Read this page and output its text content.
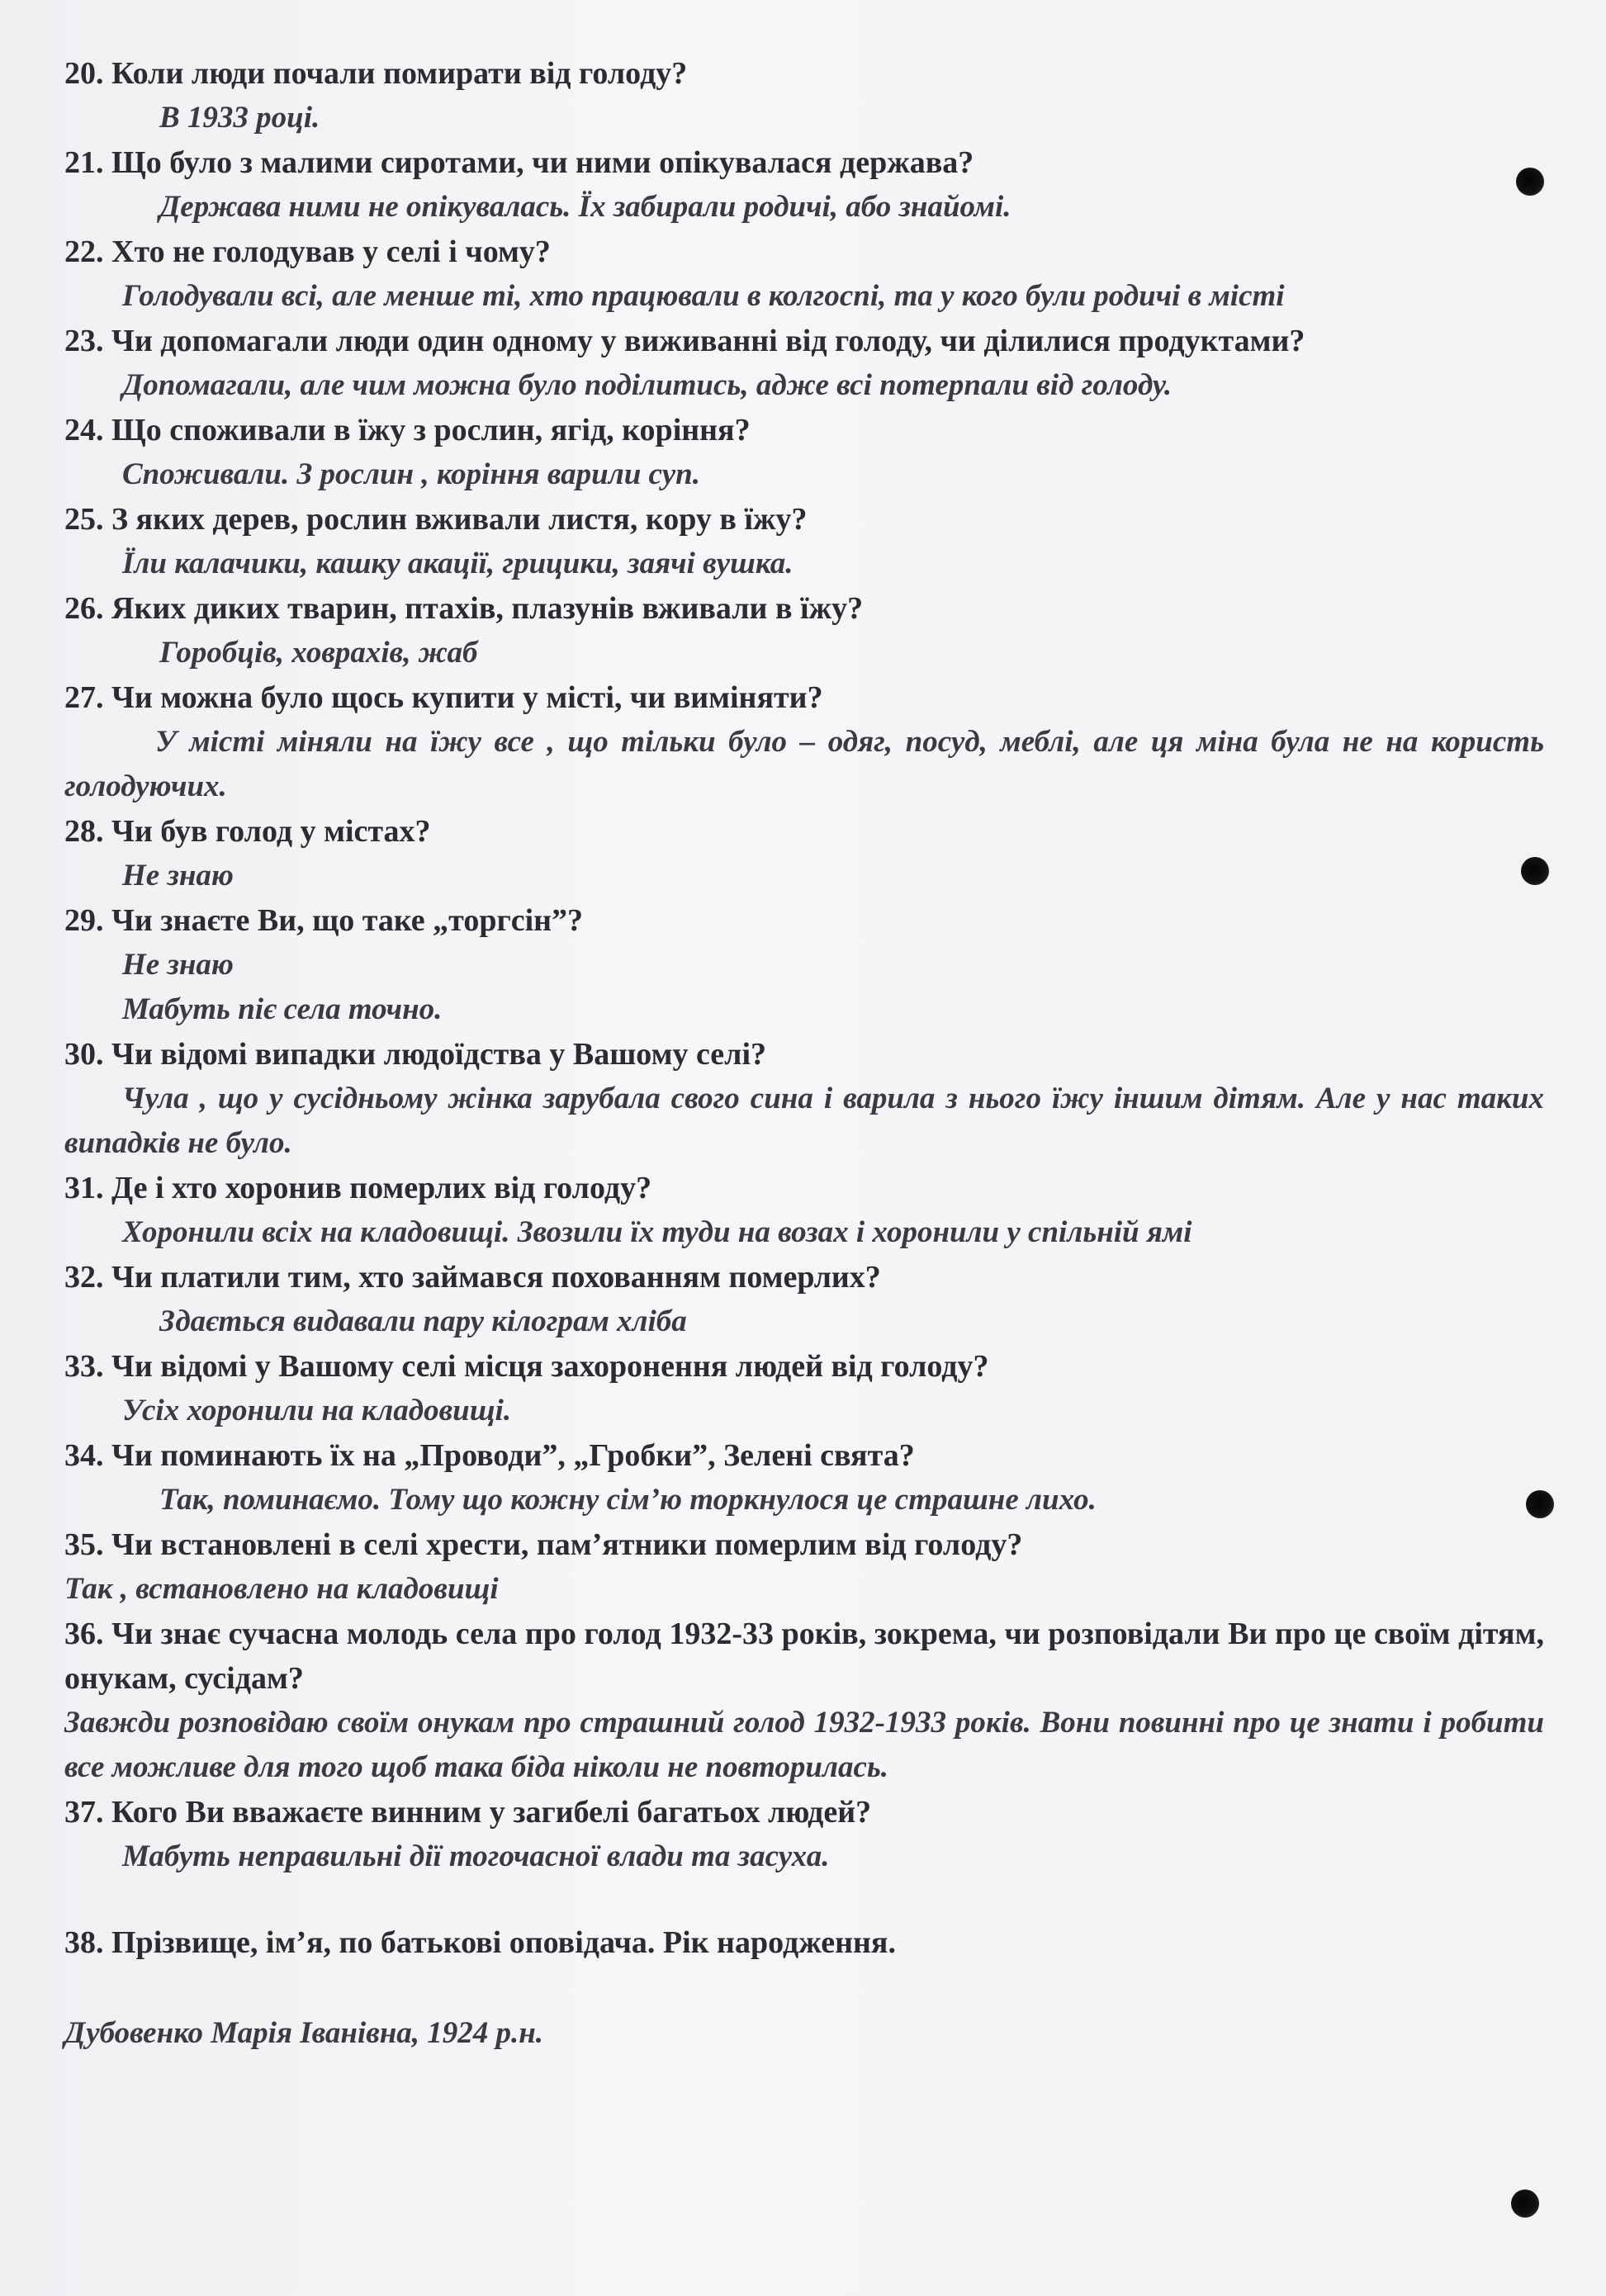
20. Коли люди почали помирати від голоду?

В 1933 році.

21. Що було з малими сиротами, чи ними опікувалася держава?

Держава ними не опікувалась. Їх забирали родичі, або знайомі.

22. Хто не голодував у селі і чому?

Голодували всі, але менше ті, хто працювали в колгоспі, та у кого були родичі в місті

23. Чи допомагали люди один одному у виживанні від голоду, чи ділилися продуктами?

Допомагали, але чим можна було поділитись, адже всі потерпали від голоду.

24. Що споживали в їжу з рослин, ягід, коріння?

Споживали. З рослин , коріння варили суп.

25. З яких дерев, рослин вживали листя, кору в їжу?

Їли калачики, кашку акації, грицики, заячі вушка.

26. Яких диких тварин, птахів, плазунів вживали в їжу?

Горобців, ховрахів, жаб

27. Чи можна було щось купити у місті, чи виміняти?

У місті міняли на їжу все , що тільки було – одяг, посуд, меблі, але ця міна була не на користь голодуючих.

28. Чи був голод у містах?

Не знаю

29. Чи знаєте Ви, що таке „торгсін”?

Не знаю

Мабуть піє села точно.

30. Чи відомі випадки людоїдства у Вашому селі?

Чула , що у сусідньому жінка зарубала свого сина і варила з нього їжу іншим дітям. Але у нас таких випадків не було.

31. Де і хто хоронив померлих від голоду?

Хоронили всіх на кладовищі. Звозили їх туди на возах і хоронили у спільній ямі

32. Чи платили тим, хто займався похованням померлих?

Здається видавали пару кілограм хліба

33. Чи відомі у Вашому селі місця захоронення людей від голоду?

Усіх хоронили на кладовищі.

34. Чи поминають їх на „Проводи”, „Гробки”, Зелені свята?

Так, поминаємо. Тому що кожну сім’ю торкнулося це страшне лихо.

35. Чи встановлені в селі хрести, пам’ятники померлим від голоду?

Так , встановлено на кладовищі

36. Чи знає сучасна молодь села про голод 1932-33 років, зокрема, чи розповідали Ви про це своїм дітям, онукам, сусідам?

Завжди розповідаю своїм онукам про страшний голод 1932-1933 років. Вони повинні про це знати і робити все можливе для того щоб така біда ніколи не повторилась.

37. Кого Ви вважаєте винним у загибелі багатьох людей?

Мабуть неправильні дії тогочасної влади та засуха.

38. Прізвище, ім’я, по батькові оповідача. Рік народження.

Дубовенко Марія Іванівна, 1924 р.н.
